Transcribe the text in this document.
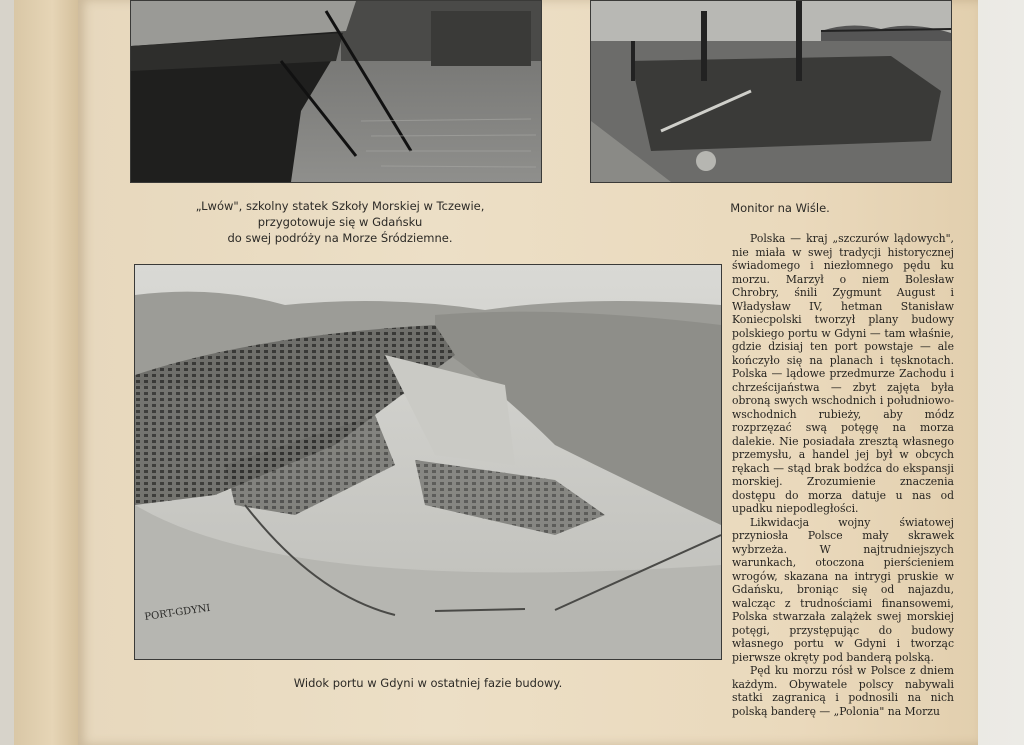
„Lwów", szkolny statek Szkoły Morskiej w Tczewie,
przygotowuje się w Gdańsku
do swej podróży na Morze Śródziemne.
Monitor na Wiśle.
PORT-GDYNI
Widok portu w Gdyni w ostatniej fazie budowy.

Polska — kraj „szczurów lądowych", nie miała w swej tradycji historycznej świadomego i niezłomnego pędu ku morzu. Marzył o niem Bolesław Chrobry, śnili Zygmunt August i Władysław IV, hetman Stanisław Koniecpolski tworzył plany budowy polskiego portu w Gdyni — tam właśnie, gdzie dzisiaj ten port powstaje — ale kończyło się na planach i tęsknotach. Polska — lądowe przedmurze Zachodu i chrześcijaństwa — zbyt zajęta była obroną swych wschodnich i południowo-wschodnich rubieży, aby módz rozprzęzać swą potęgę na morza dalekie. Nie posiadała zresztą własnego przemysłu, a handel jej był w obcych rękach — stąd brak bodźca do ekspansji morskiej. Zrozumienie znaczenia dostępu do morza datuje u nas od upadku niepodległości.

Likwidacja wojny światowej przyniosła Polsce mały skrawek wybrzeża. W najtrudniejszych warunkach, otoczona pierścieniem wrogów, skazana na intrygi pruskie w Gdańsku, broniąc się od najazdu, walcząc z trudnościami finansowemi, Polska stwarzała zalążek swej morskiej potęgi, przystępując do budowy własnego portu w Gdyni i tworząc pierwsze okręty pod banderą polską.

Pęd ku morzu rósł w Polsce z dniem każdym. Obywatele polscy nabywali statki zagranicą i podnosili na nich polską banderę — „Polonia" na Morzu
